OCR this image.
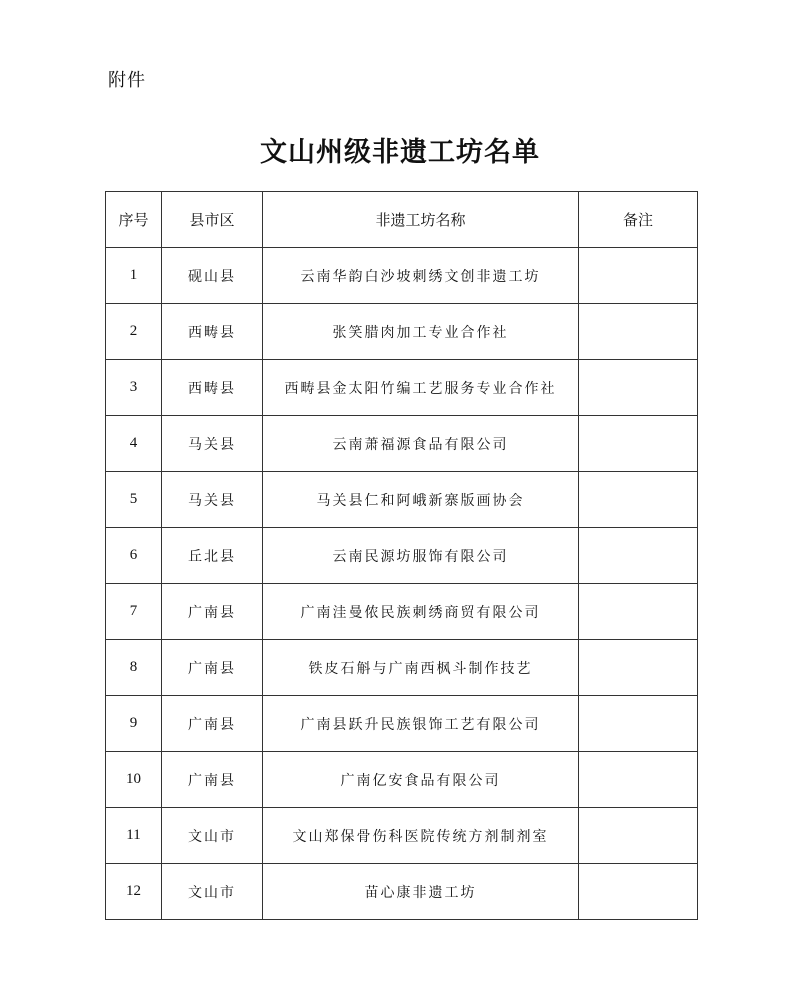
附件
文山州级非遗工坊名单
序号	县市区	非遗工坊名称	备注
1	砚山县	云南华韵白沙坡刺绣文创非遗工坊	
2	西畴县	张笑腊肉加工专业合作社	
3	西畴县	西畴县金太阳竹编工艺服务专业合作社	
4	马关县	云南萧福源食品有限公司	
5	马关县	马关县仁和阿峨新寨版画协会	
6	丘北县	云南民源坊服饰有限公司	
7	广南县	广南洼曼侬民族刺绣商贸有限公司	
8	广南县	铁皮石斛与广南西枫斗制作技艺	
9	广南县	广南县跃升民族银饰工艺有限公司	
10	广南县	广南亿安食品有限公司	
11	文山市	文山郑保骨伤科医院传统方剂制剂室	
12	文山市	苗心康非遗工坊	
